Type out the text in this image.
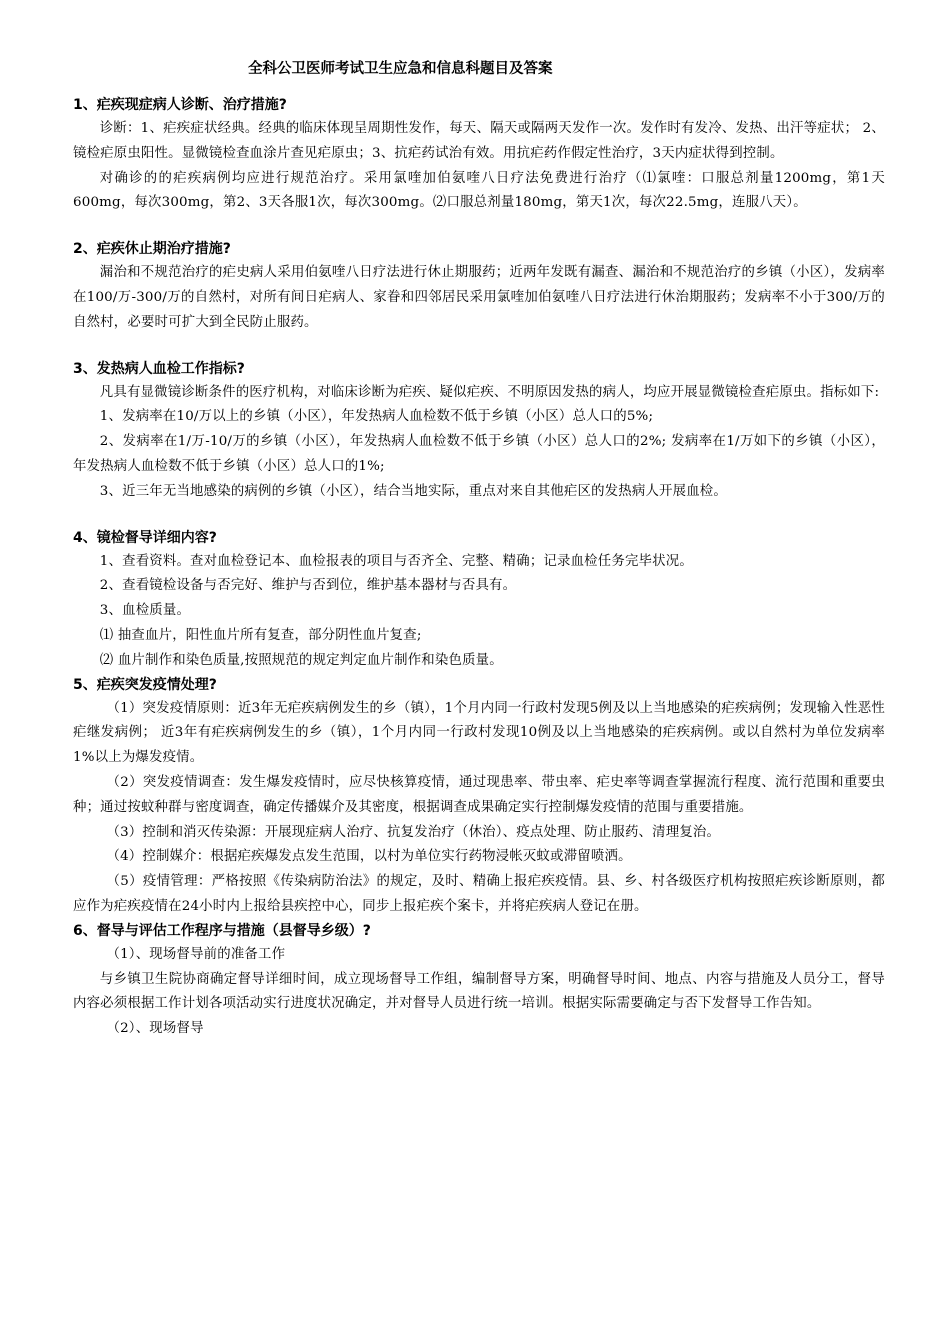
全科公卫医师考试卫生应急和信息科题目及答案
1、疟疾现症病人诊断、治疗措施?

诊断：1、疟疾症状经典。经典的临床体现呈周期性发作，每天、隔天或隔两天发作一次。发作时有发冷、发热、出汗等症状； 2、镜检疟原虫阳性。显微镜检查血涂片查见疟原虫；3、抗疟药试治有效。用抗疟药作假定性治疗，3天内症状得到控制。

对确诊的的疟疾病例均应进行规范治疗。采用氯喹加伯氨喹八日疗法免费进行治疗（⑴氯喹：口服总剂量1200mg，第1天600mg，每次300mg，第2、3天各服1次，每次300mg。⑵口服总剂量180mg，第天1次，每次22.5mg，连服八天）。

2、疟疾休止期治疗措施?

漏治和不规范治疗的疟史病人采用伯氨喹八日疗法进行休止期服药；近两年发既有漏查、漏治和不规范治疗的乡镇（小区），发病率在100/万-300/万的自然村，对所有间日疟病人、家眷和四邻居民采用氯喹加伯氨喹八日疗法进行休治期服药；发病率不小于300/万的自然村，必要时可扩大到全民防止服药。

3、发热病人血检工作指标?

凡具有显微镜诊断条件的医疗机构，对临床诊断为疟疾、疑似疟疾、不明原因发热的病人，均应开展显微镜检查疟原虫。指标如下:

1、发病率在10/万以上的乡镇（小区），年发热病人血检数不低于乡镇（小区）总人口的5%;

2、发病率在1/万-10/万的乡镇（小区），年发热病人血检数不低于乡镇（小区）总人口的2%; 发病率在1/万如下的乡镇（小区），年发热病人血检数不低于乡镇（小区）总人口的1%;

3、近三年无当地感染的病例的乡镇（小区），结合当地实际，重点对来自其他疟区的发热病人开展血检。

4、镜检督导详细内容?

1、查看资料。查对血检登记本、血检报表的项目与否齐全、完整、精确；记录血检任务完毕状况。

2、查看镜检设备与否完好、维护与否到位，维护基本器材与否具有。

3、血检质量。

⑴ 抽查血片，阳性血片所有复查，部分阴性血片复查;

⑵ 血片制作和染色质量,按照规范的规定判定血片制作和染色质量。

5、疟疾突发疫情处理?

（1）突发疫情原则：近3年无疟疾病例发生的乡（镇），1个月内同一行政村发现5例及以上当地感染的疟疾病例；发现输入性恶性疟继发病例； 近3年有疟疾病例发生的乡（镇），1个月内同一行政村发现10例及以上当地感染的疟疾病例。或以自然村为单位发病率1%以上为爆发疫情。

（2）突发疫情调查：发生爆发疫情时，应尽快核算疫情，通过现患率、带虫率、疟史率等调查掌握流行程度、流行范围和重要虫种；通过按蚊种群与密度调查，确定传播媒介及其密度，根据调查成果确定实行控制爆发疫情的范围与重要措施。

（3）控制和消灭传染源：开展现症病人治疗、抗复发治疗（休治）、疫点处理、防止服药、清理复治。

（4）控制媒介：根据疟疾爆发点发生范围，以村为单位实行药物浸帐灭蚊或滞留喷洒。

（5）疫情管理：严格按照《传染病防治法》的规定，及时、精确上报疟疾疫情。县、乡、村各级医疗机构按照疟疾诊断原则，都应作为疟疾疫情在24小时内上报给县疾控中心，同步上报疟疾个案卡，并将疟疾病人登记在册。

6、督导与评估工作程序与措施（县督导乡级）?

（1）、现场督导前的准备工作

与乡镇卫生院协商确定督导详细时间，成立现场督导工作组，编制督导方案，明确督导时间、地点、内容与措施及人员分工，督导内容必须根据工作计划各项活动实行进度状况确定，并对督导人员进行统一培训。根据实际需要确定与否下发督导工作告知。

（2）、现场督导
